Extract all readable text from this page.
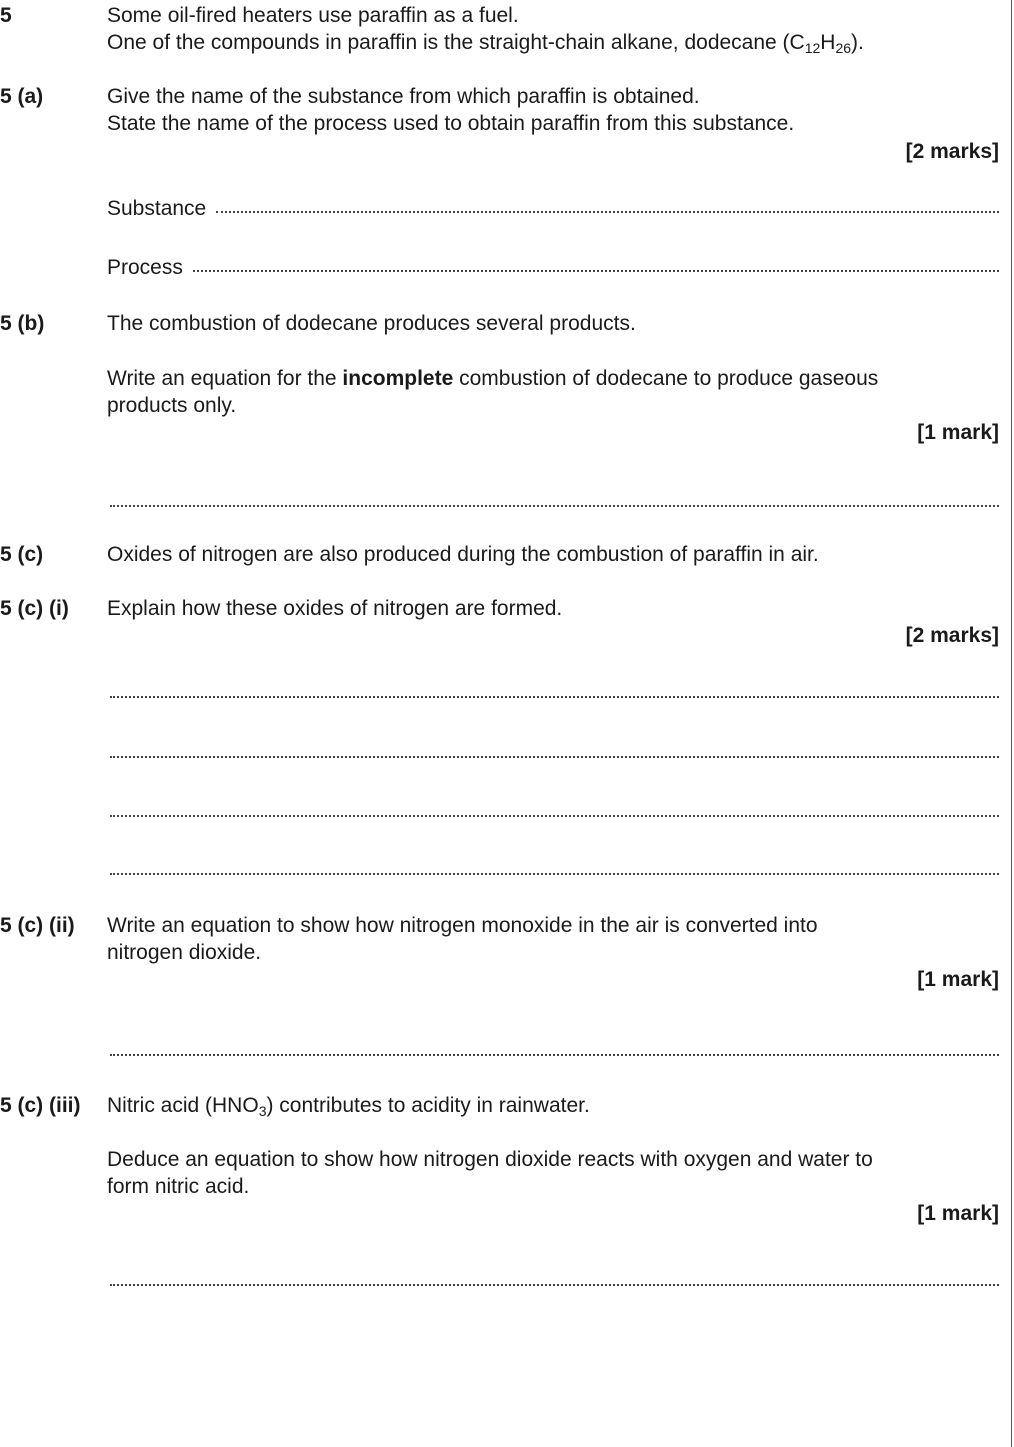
5	Some oil-fired heaters use paraffin as a fuel.
One of the compounds in paraffin is the straight-chain alkane, dodecane $(C_{12}H_{26})$.
5 (a)	Give the name of the substance from which paraffin is obtained.
State the name of the process used to obtain paraffin from this substance.
[2 marks]
Substance
Process
5 (b)	The combustion of dodecane produces several products.
Write an equation for the incomplete combustion of dodecane to produce gaseous
products only.
[1 mark]
5 (c)	Oxides of nitrogen are also produced during the combustion of paraffin in air.
5 (c) (i) Explain how these oxides of nitrogen are formed.
[2 marks]
5 (c) (ii) Write an equation to show how nitrogen monoxide in the air is converted into
nitrogen dioxide.
[1 mark]
5 (c) (iii) Nitric acid $(HNO_3)$ contributes to acidity in rainwater.
Deduce an equation to show how nitrogen dioxide reacts with oxygen and water to
form nitric acid.
[1 mark]
